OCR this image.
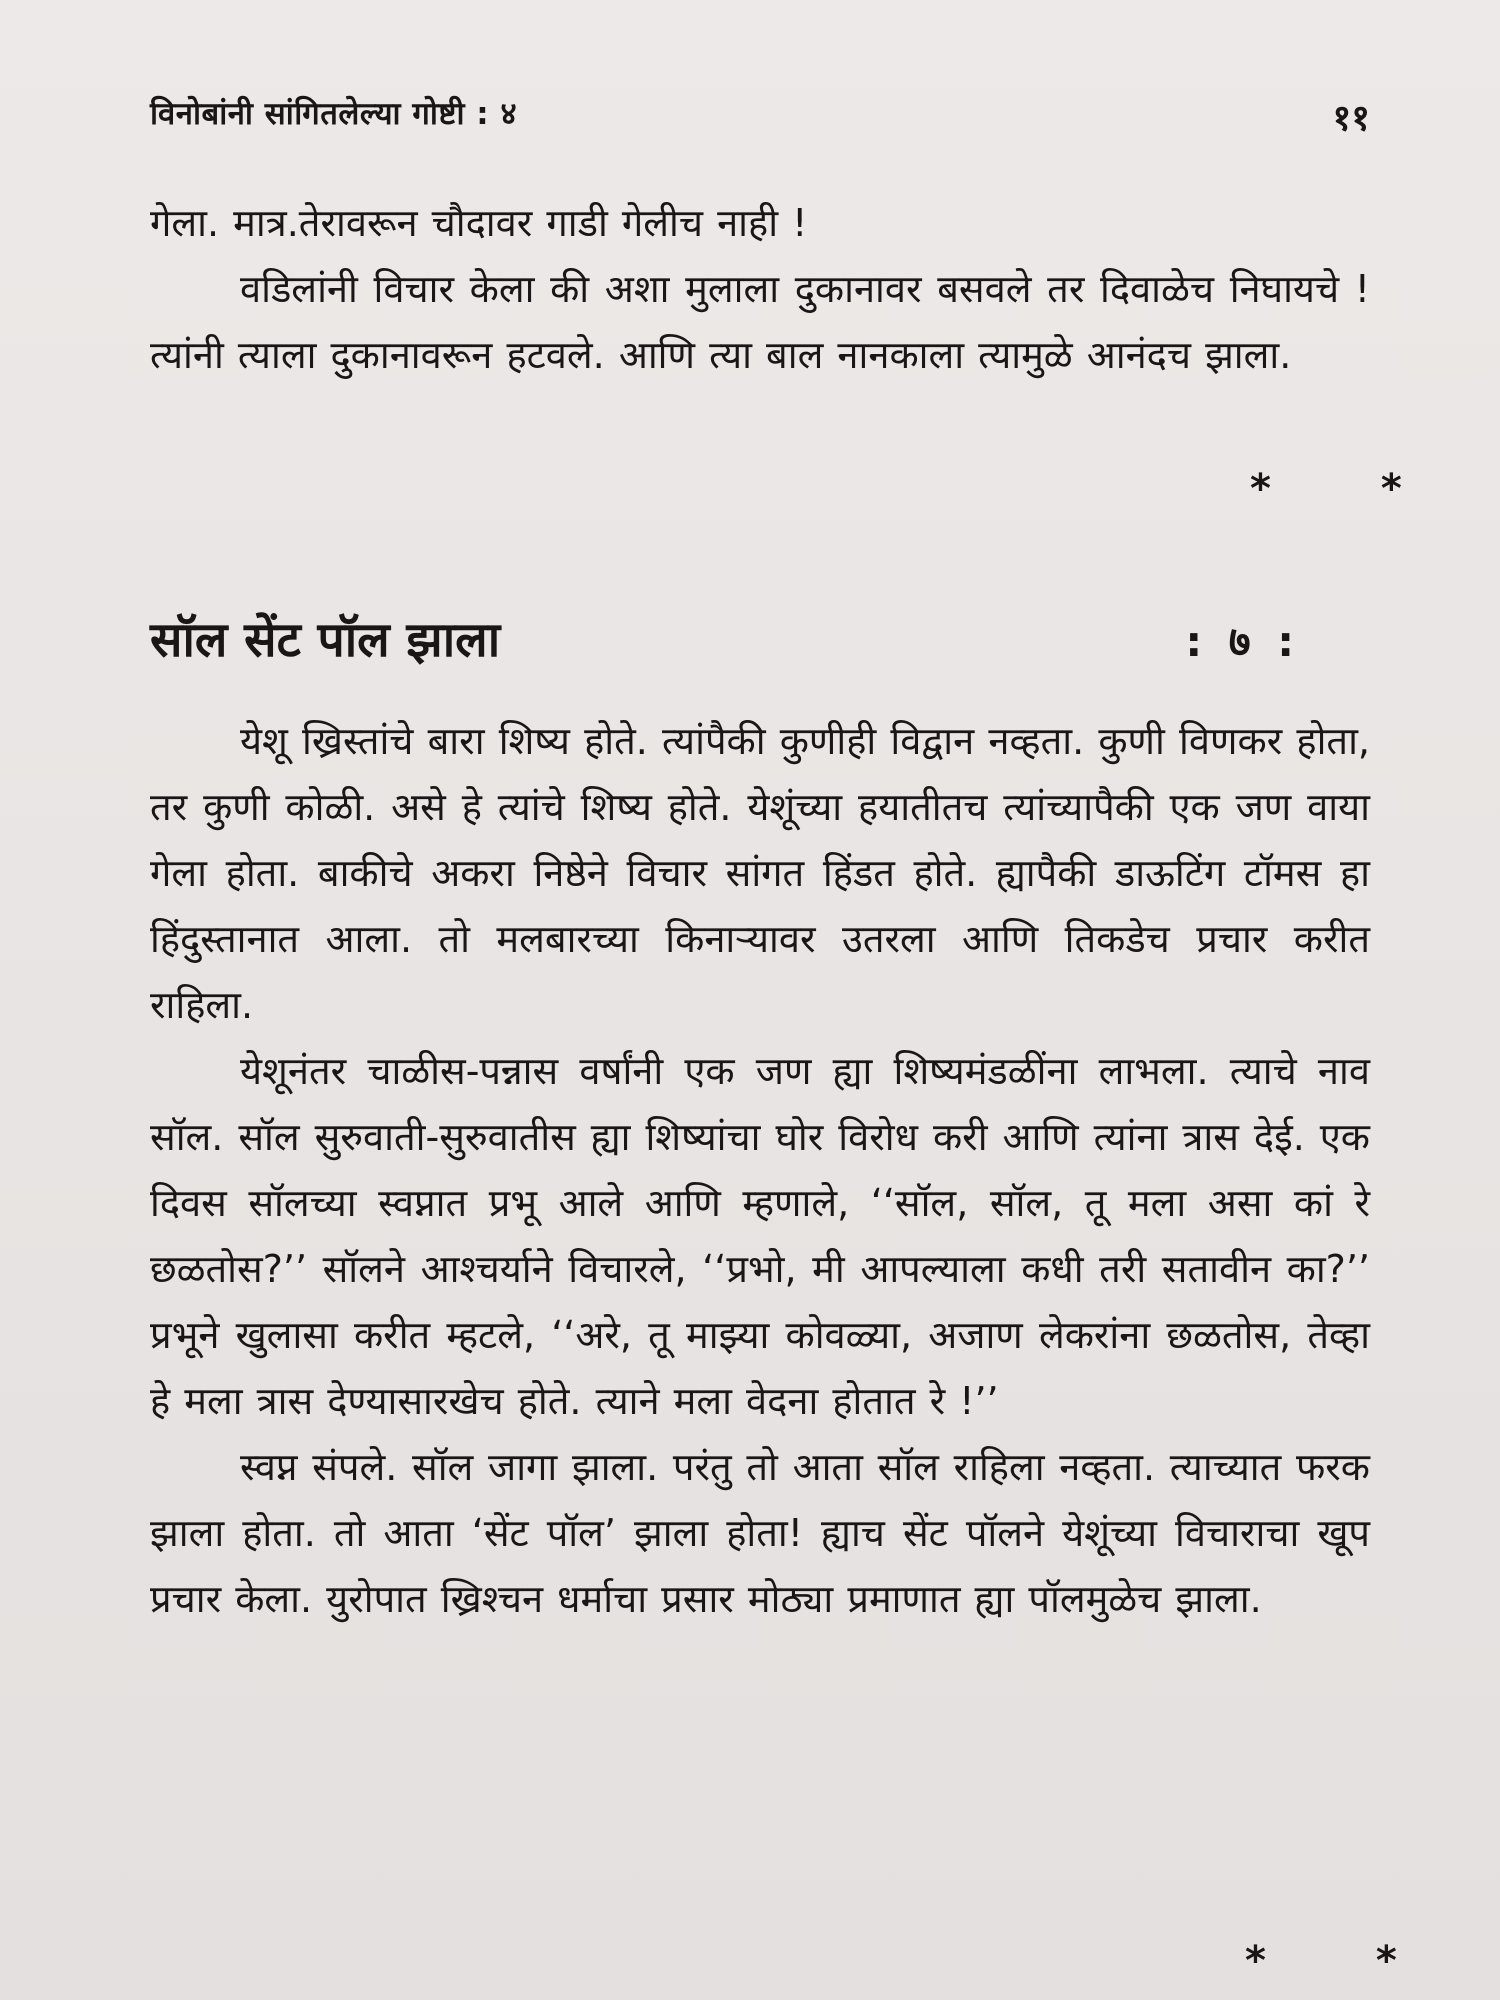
विनोबांनी सांगितलेल्या गोष्टी : ४	११

गेला. मात्र.तेरावरून चौदावर गाडी गेलीच नाही !

वडिलांनी विचार केला की अशा मुलाला दुकानावर बसवले तर दिवाळेच निघायचे ! त्यांनी त्याला दुकानावरून हटवले. आणि त्या बाल नानकाला त्यामुळे आनंदच झाला.

* *
सॉल सेंट पॉल झाला	: ७ :

येशू ख्रिस्तांचे बारा शिष्य होते. त्यांपैकी कुणीही विद्वान नव्हता. कुणी विणकर होता, तर कुणी कोळी. असे हे त्यांचे शिष्य होते. येशूंच्या हयातीतच त्यांच्यापैकी एक जण वाया गेला होता. बाकीचे अकरा निष्ठेने विचार सांगत हिंडत होते. ह्यापैकी डाऊटिंग टॉमस हा हिंदुस्तानात आला. तो मलबारच्या किनाऱ्यावर उतरला आणि तिकडेच प्रचार करीत राहिला.

येशूनंतर चाळीस-पन्नास वर्षांनी एक जण ह्या शिष्यमंडळींना लाभला. त्याचे नाव सॉल. सॉल सुरुवाती-सुरुवातीस ह्या शिष्यांचा घोर विरोध करी आणि त्यांना त्रास देई. एक दिवस सॉलच्या स्वप्नात प्रभू आले आणि म्हणाले, ‘‘सॉल, सॉल, तू मला असा कां रे छळतोस?’’ सॉलने आश्चर्याने विचारले, ‘‘प्रभो, मी आपल्याला कधी तरी सतावीन का?’’ प्रभूने खुलासा करीत म्हटले, ‘‘अरे, तू माझ्या कोवळ्या, अजाण लेकरांना छळतोस, तेव्हा हे मला त्रास देण्यासारखेच होते. त्याने मला वेदना होतात रे !’’

स्वप्न संपले. सॉल जागा झाला. परंतु तो आता सॉल राहिला नव्हता. त्याच्यात फरक झाला होता. तो आता ‘सेंट पॉल’ झाला होता! ह्याच सेंट पॉलने येशूंच्या विचाराचा खूप प्रचार केला. युरोपात ख्रिश्चन धर्माचा प्रसार मोठ्या प्रमाणात ह्या पॉलमुळेच झाला.

* *
